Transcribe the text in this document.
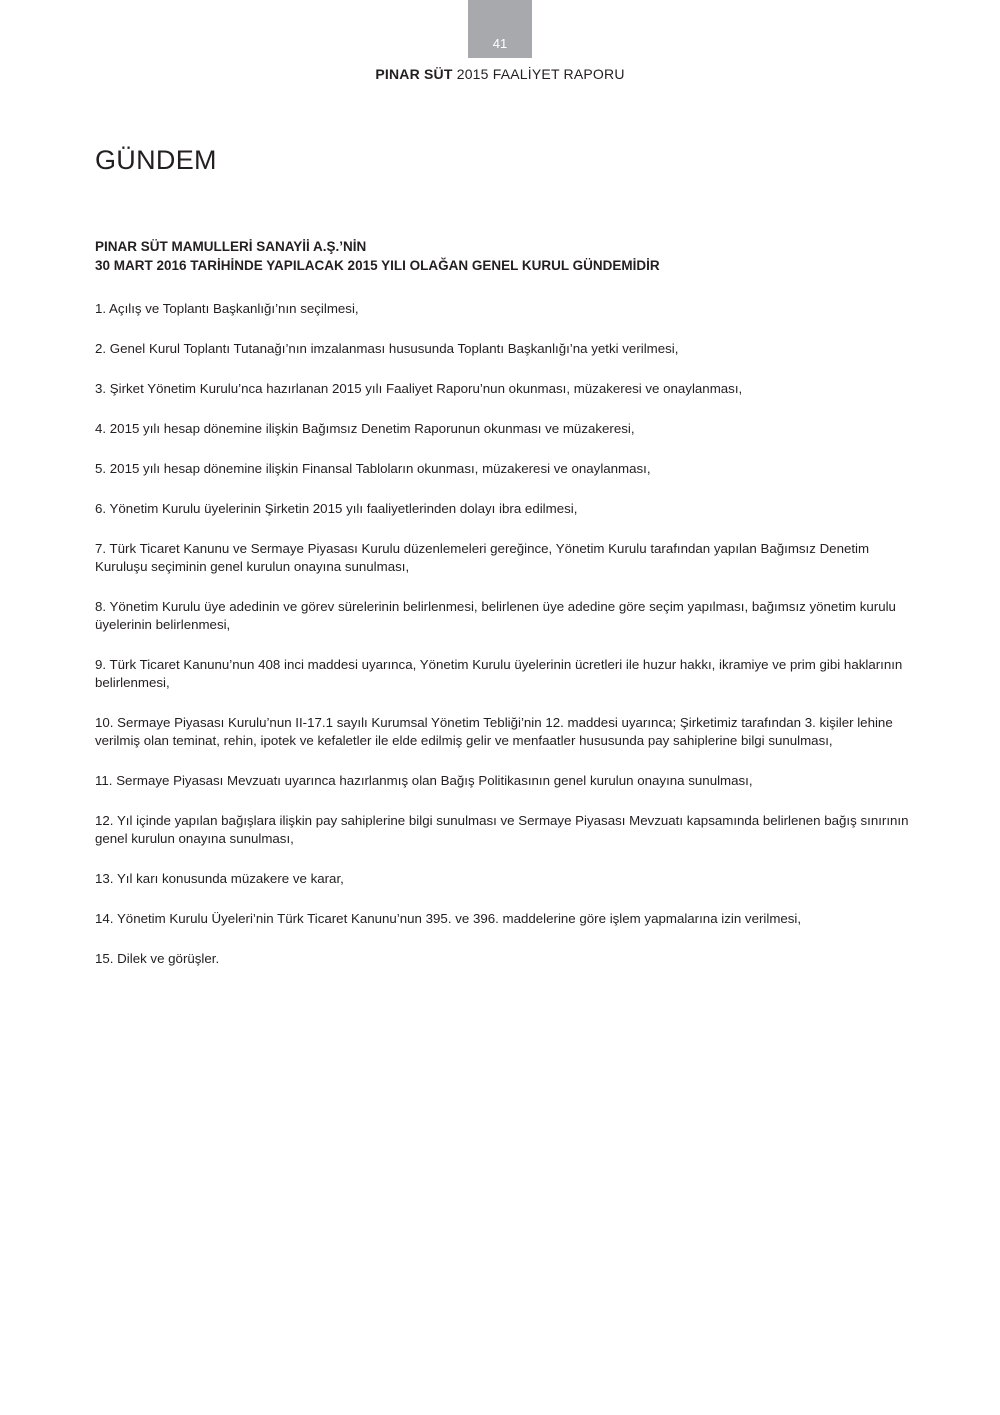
41
PINAR SÜT 2015 FAALİYET RAPORU
GÜNDEM
PINAR SÜT MAMULLERİ SANAYİİ A.Ş.’NİN
30 MART 2016 TARİHİNDE YAPILACAK 2015 YILI OLAĞAN GENEL KURUL GÜNDEMİDİR
1. Açılış ve Toplantı Başkanlığı’nın seçilmesi,
2. Genel Kurul Toplantı Tutanağı’nın imzalanması hususunda Toplantı Başkanlığı’na yetki verilmesi,
3. Şirket Yönetim Kurulu’nca hazırlanan 2015 yılı Faaliyet Raporu’nun okunması, müzakeresi ve onaylanması,
4. 2015 yılı hesap dönemine ilişkin Bağımsız Denetim Raporunun okunması ve müzakeresi,
5. 2015 yılı hesap dönemine ilişkin Finansal Tabloların okunması, müzakeresi ve onaylanması,
6. Yönetim Kurulu üyelerinin Şirketin 2015 yılı faaliyetlerinden dolayı ibra edilmesi,
7. Türk Ticaret Kanunu ve Sermaye Piyasası Kurulu düzenlemeleri gereğince, Yönetim Kurulu tarafından yapılan Bağımsız Denetim Kuruluşu seçiminin genel kurulun onayına sunulması,
8. Yönetim Kurulu üye adedinin ve görev sürelerinin belirlenmesi, belirlenen üye adedine göre seçim yapılması, bağımsız yönetim kurulu üyelerinin belirlenmesi,
9. Türk Ticaret Kanunu’nun 408 inci maddesi uyarınca, Yönetim Kurulu üyelerinin ücretleri ile huzur hakkı, ikramiye ve prim gibi haklarının belirlenmesi,
10. Sermaye Piyasası Kurulu’nun II-17.1 sayılı Kurumsal Yönetim Tebliği’nin 12. maddesi uyarınca; Şirketimiz tarafından 3. kişiler lehine verilmiş olan teminat, rehin, ipotek ve kefaletler ile elde edilmiş gelir ve menfaatler hususunda pay sahiplerine bilgi sunulması,
11. Sermaye Piyasası Mevzuatı uyarınca hazırlanmış olan Bağış Politikasının genel kurulun onayına sunulması,
12. Yıl içinde yapılan bağışlara ilişkin pay sahiplerine bilgi sunulması ve Sermaye Piyasası Mevzuatı kapsamında belirlenen bağış sınırının genel kurulun onayına sunulması,
13. Yıl karı konusunda müzakere ve karar,
14. Yönetim Kurulu Üyeleri’nin Türk Ticaret Kanunu’nun 395. ve 396. maddelerine göre işlem yapmalarına izin verilmesi,
15. Dilek ve görüşler.
